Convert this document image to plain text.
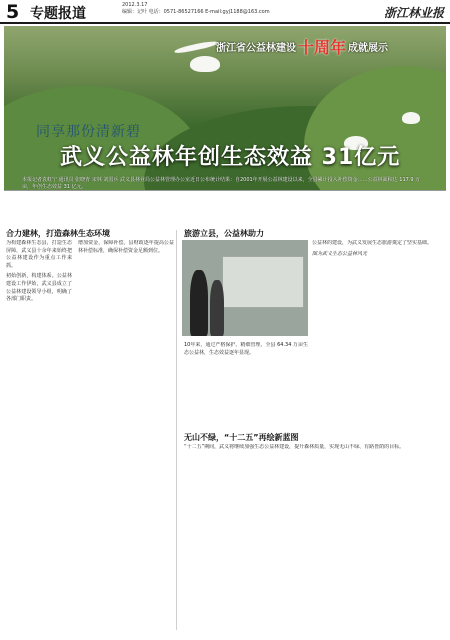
5 专题报道
2012.3.17
编辑：记叶 电话：0571-86527166 E-mail:gyj1188@163.com	浙江林业报
浙江省公益林建设 十周年 成就展示
同享那份清新碧
武义公益林年创生态效益 31亿元
本报记者袁虹宁 通讯员 张晓青 宋林 刘国兵 武义县林业局公益林管理办公室近日公布统计结果：自2001年开展公益林建设以来，全县累计投入补偿资金……公益林面积达 117.9 万亩，年创生态效益 31 亿元。
合力建林，打造森林生态环境

为构建森林生态县，打造生态屏障，武义县十余年来始终把公益林建设作为重点工作来抓。

初始创新，构建体系。公益林建设工作伊始，武义县成立了公益林建设领导小组，明确了各部门职责。

增加资金，保障补偿。县财政逐年提高公益林补偿标准，确保补偿资金足额到位。

旅游立县，公益林助力

10年来，通过严格保护、精细管理，全县 64.34 万亩生态公益林，生态效益逐年显现。

公益林的建设，为武义发展生态旅游奠定了坚实基础。

图为武义生态公益林风光

无山不绿，“十二五”再绘新蓝图

“十二五”期间，武义将继续加强生态公益林建设，提升森林质量，实现无山不绿、有路皆荫的目标。
